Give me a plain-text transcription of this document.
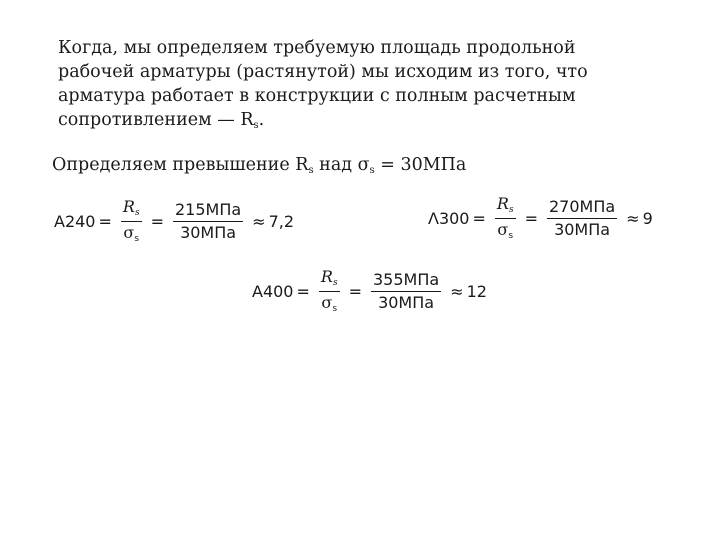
Когда, мы определяем требуемую площадь продольной
рабочей арматуры (растянутой) мы исходим из того, что
арматура работает в конструкции с полным расчетным
сопротивлением — $R_s$.

Определяем превышение $R_s$ над $\sigma_s = 30МПа$

$А240 = \frac{Rs}{\sigma s} = \frac{\text{215МПа}}{\text{30МПа}} \approx 7,2$	$\Lambda 300 = \frac{Rs}{\sigma s} = \frac{\text{270МПа}}{\text{30МПа}} \approx 9$
$А400 = \frac{Rs}{\sigma s} = \frac{\text{355МПа}}{\text{30МПа}} \approx 12$
